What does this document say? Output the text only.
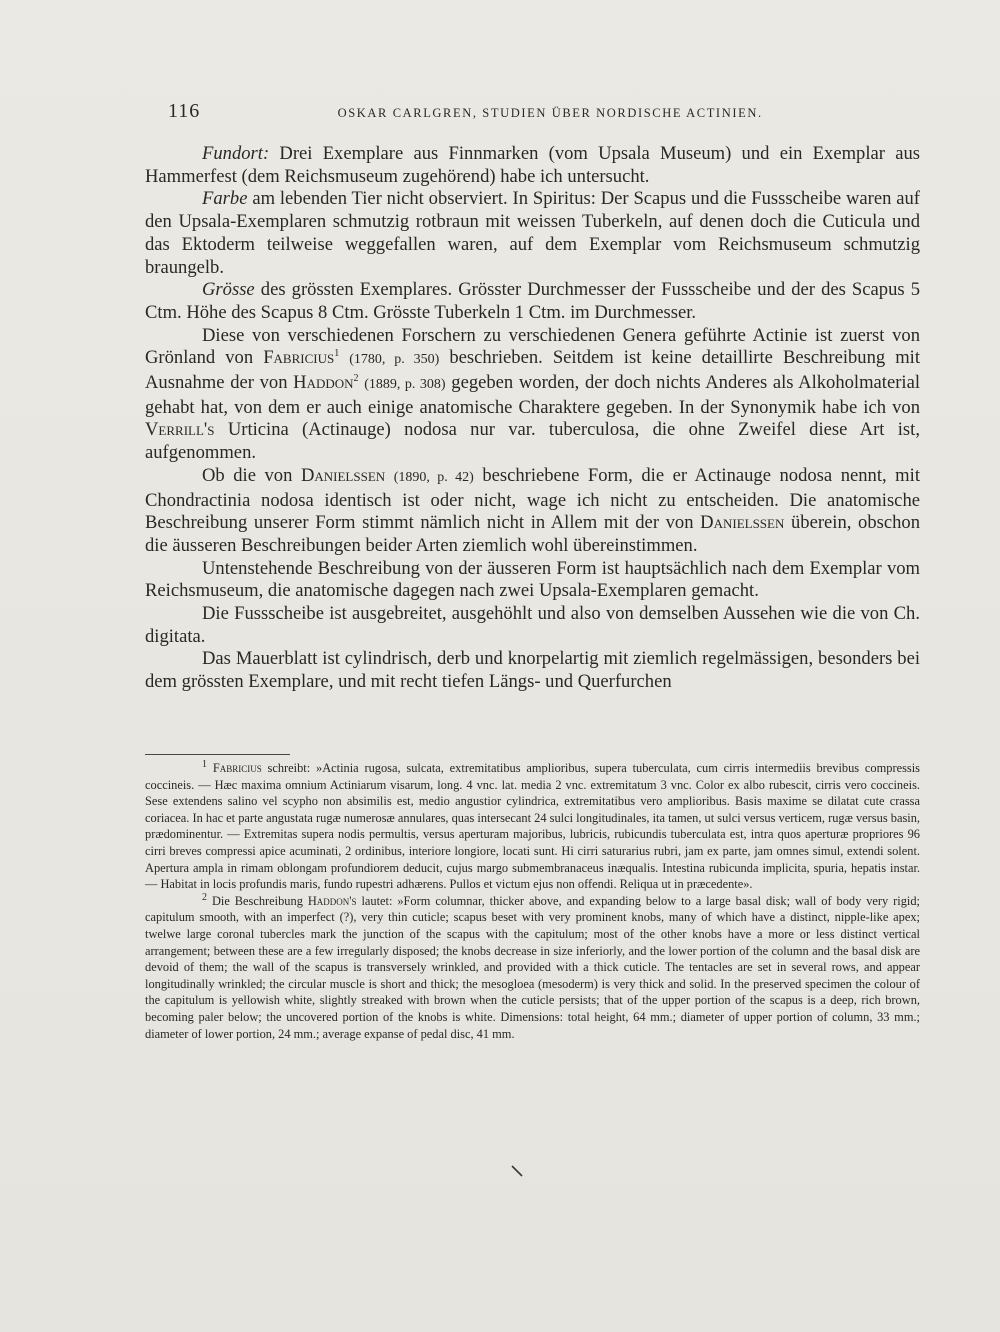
116	OSKAR CARLGREN, STUDIEN ÜBER NORDISCHE ACTINIEN.

Fundort: Drei Exemplare aus Finnmarken (vom Upsala Museum) und ein Exemplar aus Hammerfest (dem Reichsmuseum zugehörend) habe ich untersucht.

Farbe am lebenden Tier nicht observiert. In Spiritus: Der Scapus und die Fussscheibe waren auf den Upsala-Exemplaren schmutzig rotbraun mit weissen Tuberkeln, auf denen doch die Cuticula und das Ektoderm teilweise weggefallen waren, auf dem Exemplar vom Reichsmuseum schmutzig braungelb.

Grösse des grössten Exemplares. Grösster Durchmesser der Fussscheibe und der des Scapus 5 Ctm. Höhe des Scapus 8 Ctm. Grösste Tuberkeln 1 Ctm. im Durchmesser.

Diese von verschiedenen Forschern zu verschiedenen Genera geführte Actinie ist zuerst von Grönland von Fabricius$^1$ (1780, p. 350) beschrieben. Seitdem ist keine detaillirte Beschreibung mit Ausnahme der von Haddon$^2$ (1889, p. 308) gegeben worden, der doch nichts Anderes als Alkoholmaterial gehabt hat, von dem er auch einige anatomische Charaktere gegeben. In der Synonymik habe ich von Verrill's Urticina (Actinauge) nodosa nur var. tuberculosa, die ohne Zweifel diese Art ist, aufgenommen.

Ob die von Danielssen (1890, p. 42) beschriebene Form, die er Actinauge nodosa nennt, mit Chondractinia nodosa identisch ist oder nicht, wage ich nicht zu entscheiden. Die anatomische Beschreibung unserer Form stimmt nämlich nicht in Allem mit der von Danielssen überein, obschon die äusseren Beschreibungen beider Arten ziemlich wohl übereinstimmen.

Untenstehende Beschreibung von der äusseren Form ist hauptsächlich nach dem Exemplar vom Reichsmuseum, die anatomische dagegen nach zwei Upsala-Exemplaren gemacht.

Die Fussscheibe ist ausgebreitet, ausgehöhlt und also von demselben Aussehen wie die von Ch. digitata.

Das Mauerblatt ist cylindrisch, derb und knorpelartig mit ziemlich regelmässigen, besonders bei dem grössten Exemplare, und mit recht tiefen Längs- und Querfurchen

$^1$ Fabricius schreibt: »Actinia rugosa, sulcata, extremitatibus amplioribus, supera tuberculata, cum cirris intermediis brevibus compressis coccineis. — Hæc maxima omnium Actiniarum visarum, long. 4 vnc. lat. media 2 vnc. extremitatum 3 vnc. Color ex albo rubescit, cirris vero coccineis. Sese extendens salino vel scypho non absimilis est, medio angustior cylindrica, extremitatibus vero amplioribus. Basis maxime se dilatat cute crassa coriacea. In hac et parte angustata rugæ numerosæ annulares, quas intersecant 24 sulci longitudinales, ita tamen, ut sulci versus verticem, rugæ versus basin, prædominentur. — Extremitas supera nodis permultis, versus aperturam majoribus, lubricis, rubicundis tuberculata est, intra quos aperturæ propriores 96 cirri breves compressi apice acuminati, 2 ordinibus, interiore longiore, locati sunt. Hi cirri saturarius rubri, jam ex parte, jam omnes simul, extendi solent. Apertura ampla in rimam oblongam profundiorem deducit, cujus margo submembranaceus inæqualis. Intestina rubicunda implicita, spuria, hepatis instar. — Habitat in locis profundis maris, fundo rupestri adhærens. Pullos et victum ejus non offendi. Reliqua ut in præcedente».

$^2$ Die Beschreibung Haddon's lautet: »Form columnar, thicker above, and expanding below to a large basal disk; wall of body very rigid; capitulum smooth, with an imperfect (?), very thin cuticle; scapus beset with very prominent knobs, many of which have a distinct, nipple-like apex; twelwe large coronal tubercles mark the junction of the scapus with the capitulum; most of the other knobs have a more or less distinct vertical arrangement; between these are a few irregularly disposed; the knobs decrease in size inferiorly, and the lower portion of the column and the basal disk are devoid of them; the wall of the scapus is transversely wrinkled, and provided with a thick cuticle. The tentacles are set in several rows, and appear longitudinally wrinkled; the circular muscle is short and thick; the mesogloea (mesoderm) is very thick and solid. In the preserved specimen the colour of the capitulum is yellowish white, slightly streaked with brown when the cuticle persists; that of the upper portion of the scapus is a deep, rich brown, becoming paler below; the uncovered portion of the knobs is white. Dimensions: total height, 64 mm.; diameter of upper portion of column, 33 mm.; diameter of lower portion, 24 mm.; average expanse of pedal disc, 41 mm.
